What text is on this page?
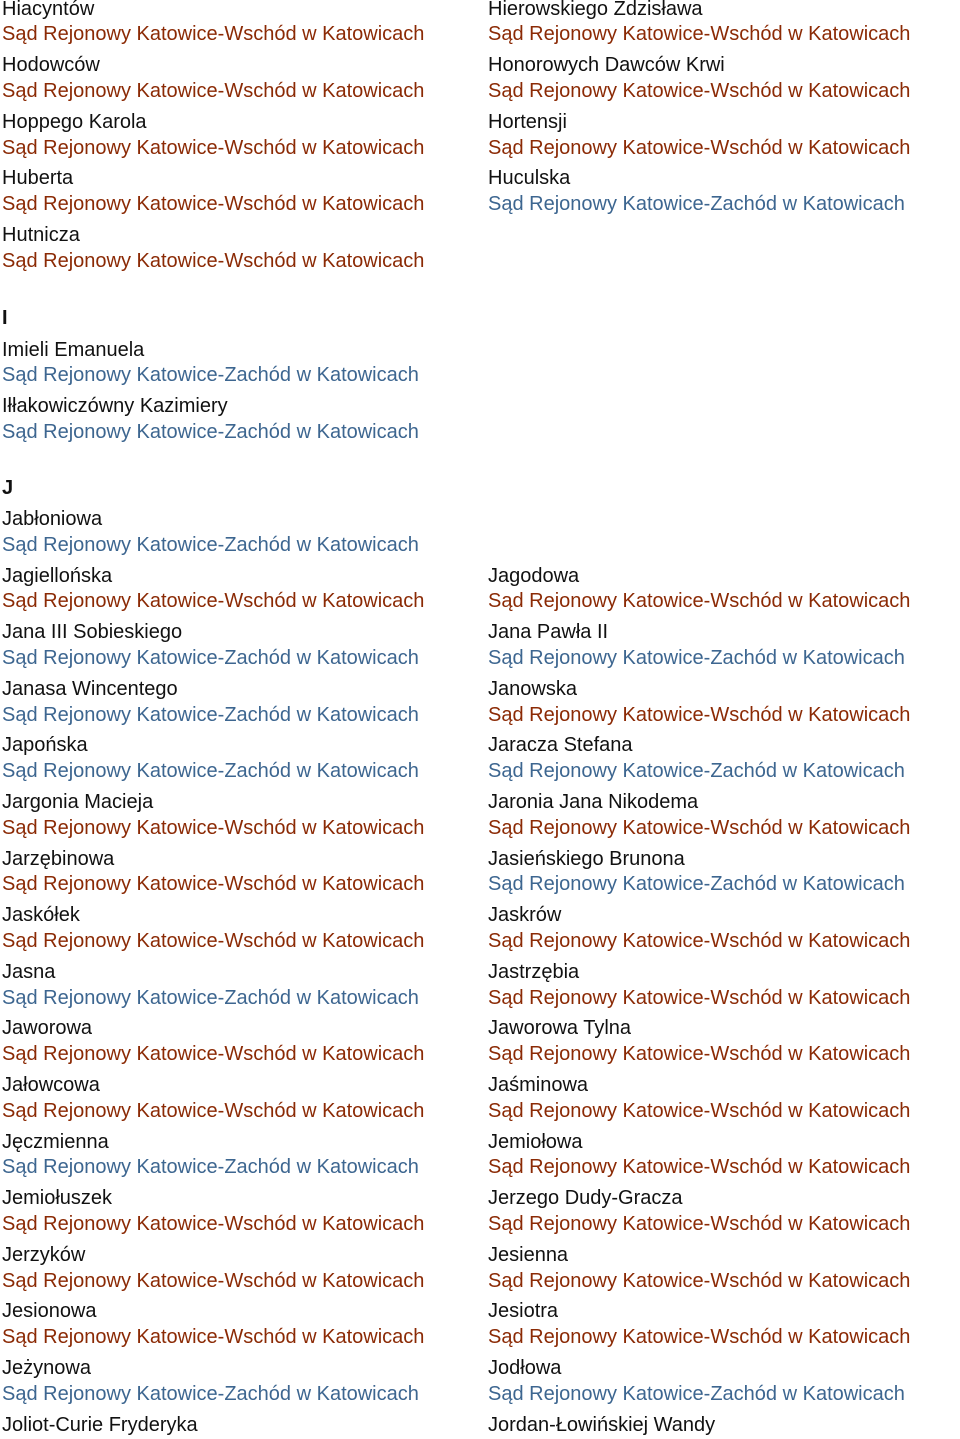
Hiacyntów
Sąd Rejonowy Katowice-Wschód w Katowicach
Hodowców
Sąd Rejonowy Katowice-Wschód w Katowicach
Hoppego Karola
Sąd Rejonowy Katowice-Wschód w Katowicach
Huberta
Sąd Rejonowy Katowice-Wschód w Katowicach
Hutnicza
Sąd Rejonowy Katowice-Wschód w Katowicach
Hierowskiego Zdzisława
Sąd Rejonowy Katowice-Wschód w Katowicach
Honorowych Dawców Krwi
Sąd Rejonowy Katowice-Wschód w Katowicach
Hortensji
Sąd Rejonowy Katowice-Wschód w Katowicach
Huculska
Sąd Rejonowy Katowice-Zachód w Katowicach
I
Imieli Emanuela
Sąd Rejonowy Katowice-Zachód w Katowicach
Iłłakowiczówny Kazimiery
Sąd Rejonowy Katowice-Zachód w Katowicach
J
Jabłoniowa
Sąd Rejonowy Katowice-Zachód w Katowicach
Jagiellońska
Sąd Rejonowy Katowice-Wschód w Katowicach
Jana III Sobieskiego
Sąd Rejonowy Katowice-Zachód w Katowicach
Janasa Wincentego
Sąd Rejonowy Katowice-Zachód w Katowicach
Japońska
Sąd Rejonowy Katowice-Zachód w Katowicach
Jargonia Macieja
Sąd Rejonowy Katowice-Wschód w Katowicach
Jarzębinowa
Sąd Rejonowy Katowice-Wschód w Katowicach
Jaskółek
Sąd Rejonowy Katowice-Wschód w Katowicach
Jasna
Sąd Rejonowy Katowice-Zachód w Katowicach
Jaworowa
Sąd Rejonowy Katowice-Wschód w Katowicach
Jałowcowa
Sąd Rejonowy Katowice-Wschód w Katowicach
Jęczmienna
Sąd Rejonowy Katowice-Zachód w Katowicach
Jemiołuszek
Sąd Rejonowy Katowice-Wschód w Katowicach
Jerzyków
Sąd Rejonowy Katowice-Wschód w Katowicach
Jesionowa
Sąd Rejonowy Katowice-Wschód w Katowicach
Jeżynowa
Sąd Rejonowy Katowice-Zachód w Katowicach
Joliot-Curie Fryderyka
Jagodowa
Sąd Rejonowy Katowice-Wschód w Katowicach
Jana Pawła II
Sąd Rejonowy Katowice-Zachód w Katowicach
Janowska
Sąd Rejonowy Katowice-Wschód w Katowicach
Jaracza Stefana
Sąd Rejonowy Katowice-Zachód w Katowicach
Jaronia Jana Nikodema
Sąd Rejonowy Katowice-Wschód w Katowicach
Jasieńskiego Brunona
Sąd Rejonowy Katowice-Zachód w Katowicach
Jaskrów
Sąd Rejonowy Katowice-Wschód w Katowicach
Jastrzębia
Sąd Rejonowy Katowice-Wschód w Katowicach
Jaworowa Tylna
Sąd Rejonowy Katowice-Wschód w Katowicach
Jaśminowa
Sąd Rejonowy Katowice-Wschód w Katowicach
Jemiołowa
Sąd Rejonowy Katowice-Wschód w Katowicach
Jerzego Dudy-Gracza
Sąd Rejonowy Katowice-Wschód w Katowicach
Jesienna
Sąd Rejonowy Katowice-Wschód w Katowicach
Jesiotra
Sąd Rejonowy Katowice-Wschód w Katowicach
Jodłowa
Sąd Rejonowy Katowice-Zachód w Katowicach
Jordan-Łowińskiej Wandy
